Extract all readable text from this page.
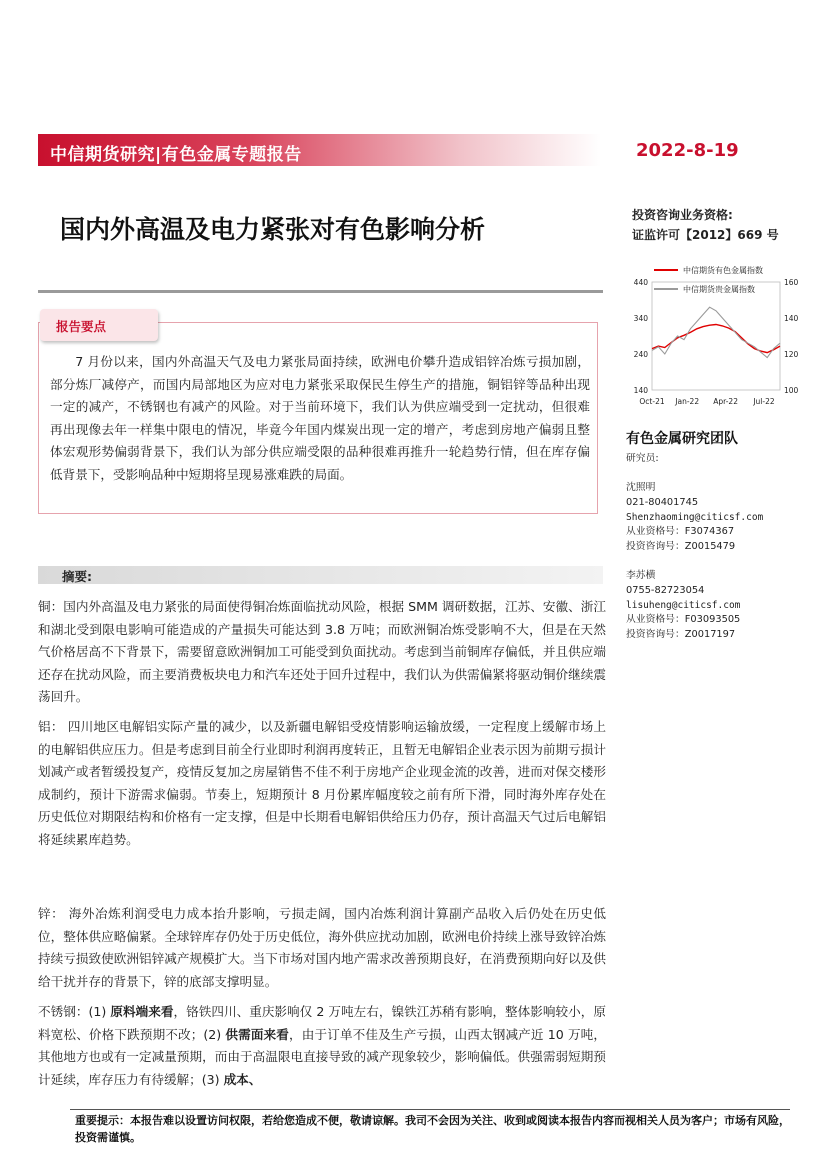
中信期货研究|有色金属专题报告	2022-8-19
国内外高温及电力紧张对有色影响分析	投资咨询业务资格:
证监许可【2012】669 号
报告要点
7 月份以来，国内外高温天气及电力紧张局面持续，欧洲电价攀升造成铝锌冶炼亏损加剧，部分炼厂减停产，而国内局部地区为应对电力紧张采取保民生停生产的措施，铜铝锌等品种出现一定的减产，不锈钢也有减产的风险。对于当前环境下，我们认为供应端受到一定扰动，但很难再出现像去年一样集中限电的情况，毕竟今年国内煤炭出现一定的增产，考虑到房地产偏弱且整体宏观形势偏弱背景下，我们认为部分供应端受限的品种很难再推升一轮趋势行情，但在库存偏低背景下，受影响品种中短期将呈现易涨难跌的局面。
摘要:
铜：国内外高温及电力紧张的局面使得铜冶炼面临扰动风险，根据 SMM 调研数据，江苏、安徽、浙江和湖北受到限电影响可能造成的产量损失可能达到 3.8 万吨；而欧洲铜冶炼受影响不大，但是在天然气价格居高不下背景下，需要留意欧洲铜加工可能受到负面扰动。考虑到当前铜库存偏低，并且供应端还存在扰动风险，而主要消费板块电力和汽车还处于回升过程中，我们认为供需偏紧将驱动铜价继续震荡回升。
铝： 四川地区电解铝实际产量的减少，以及新疆电解铝受疫情影响运输放缓，一定程度上缓解市场上的电解铝供应压力。但是考虑到目前全行业即时利润再度转正，且暂无电解铝企业表示因为前期亏损计划减产或者暂缓投复产，疫情反复加之房屋销售不佳不利于房地产企业现金流的改善，进而对保交楼形成制约，预计下游需求偏弱。节奏上，短期预计 8 月份累库幅度较之前有所下滑，同时海外库存处在历史低位对期限结构和价格有一定支撑，但是中长期看电解铝供给压力仍存，预计高温天气过后电解铝将延续累库趋势。
锌： 海外冶炼利润受电力成本抬升影响，亏损走阔，国内冶炼利润计算副产品收入后仍处在历史低位，整体供应略偏紧。全球锌库存仍处于历史低位，海外供应扰动加剧，欧洲电价持续上涨导致锌冶炼持续亏损致使欧洲铝锌减产规模扩大。当下市场对国内地产需求改善预期良好，在消费预期向好以及供给干扰并存的背景下，锌的底部支撑明显。
不锈钢：(1) 原料端来看，铬铁四川、重庆影响仅 2 万吨左右，镍铁江苏稍有影响，整体影响较小，原料宽松、价格下跌预期不改；(2) 供需面来看，由于订单不佳及生产亏损，山西太钢减产近 10 万吨，其他地方也或有一定减量预期，而由于高温限电直接导致的减产现象较少，影响偏低。供强需弱短期预计延续，库存压力有待缓解；(3) 成本、
中信期货有色金属指数
中信期货贵金属指数
440
340
240
140
160
140
120
100
Oct-21 Jan-22 Apr-22 Jul-22
有色金属研究团队
研究员:
沈照明
021-80401745
Shenzhaoming@citicsf.com
从业资格号：F3074367
投资咨询号：Z0015479
李苏横
0755-82723054
lisuheng@citicsf.com
从业资格号：F03093505
投资咨询号：Z0017197
重要提示：本报告难以设置访问权限，若给您造成不便，敬请谅解。我司不会因为关注、收到或阅读本报告内容而视相关人员为客户；市场有风险，投资需谨慎。
